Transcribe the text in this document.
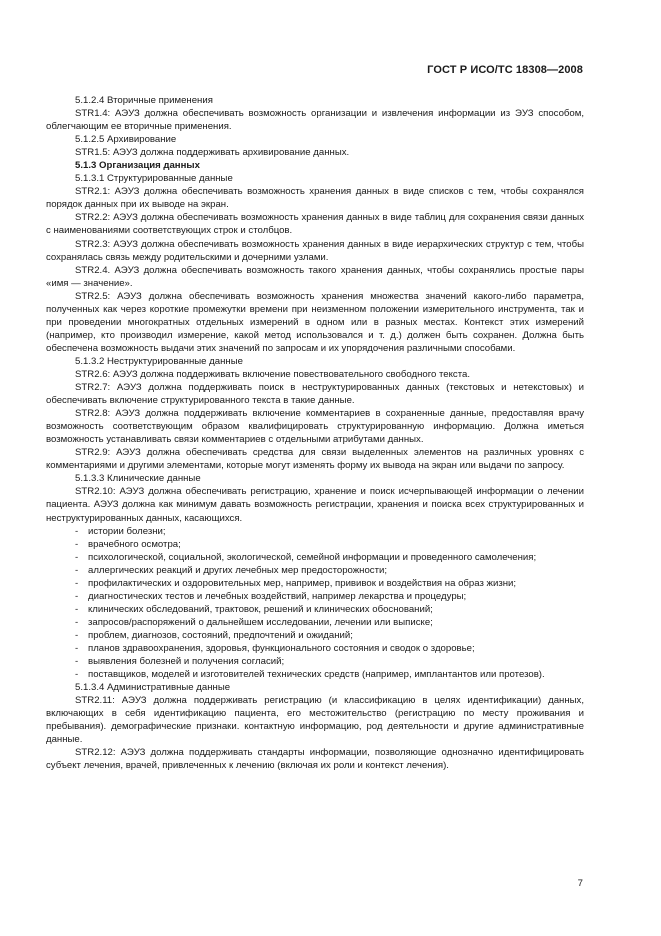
ГОСТ Р ИСО/ТС 18308—2008
5.1.2.4 Вторичные применения
STR1.4: АЭУЗ должна обеспечивать возможность организации и извлечения информации из ЭУЗ способом, облегчающим ее вторичные применения.
5.1.2.5 Архивирование
STR1.5: АЭУЗ должна поддерживать архивирование данных.
5.1.3 Организация данных
5.1.3.1 Структурированные данные
STR2.1: АЭУЗ должна обеспечивать возможность хранения данных в виде списков с тем, чтобы сохранялся порядок данных при их выводе на экран.
STR2.2: АЭУЗ должна обеспечивать возможность хранения данных в виде таблиц для сохранения связи данных с наименованиями соответствующих строк и столбцов.
STR2.3: АЭУЗ должна обеспечивать возможность хранения данных в виде иерархических структур с тем, чтобы сохранялась связь между родительскими и дочерними узлами.
STR2.4. АЭУЗ должна обеспечивать возможность такого хранения данных, чтобы сохранялись простые пары «имя — значение».
STR2.5: АЭУЗ должна обеспечивать возможность хранения множества значений какого-либо параметра, полученных как через короткие промежутки времени при неизменном положении измерительного инструмента, так и при проведении многократных отдельных измерений в одном или в разных местах. Контекст этих измерений (например, кто производил измерение, какой метод использовался и т. д.) должен быть сохранен. Должна быть обеспечена возможность выдачи этих значений по запросам и их упорядочения различными способами.
5.1.3.2 Неструктурированные данные
STR2.6: АЭУЗ должна поддерживать включение повествовательного свободного текста.
STR2.7: АЭУЗ должна поддерживать поиск в неструктурированных данных (текстовых и нетекстовых) и обеспечивать включение структурированного текста в такие данные.
STR2.8: АЭУЗ должна поддерживать включение комментариев в сохраненные данные, предоставляя врачу возможность соответствующим образом квалифицировать структурированную информацию. Должна иметься возможность устанавливать связи комментариев с отдельными атрибутами данных.
STR2.9: АЭУЗ должна обеспечивать средства для связи выделенных элементов на различных уровнях с комментариями и другими элементами, которые могут изменять форму их вывода на экран или выдачи по запросу.
5.1.3.3 Клинические данные
STR2.10: АЭУЗ должна обеспечивать регистрацию, хранение и поиск исчерпывающей информации о лечении пациента. АЭУЗ должна как минимум давать возможность регистрации, хранения и поиска всех структурированных и неструктурированных данных, касающихся.
- истории болезни;
- врачебного осмотра;
- психологической, социальной, экологической, семейной информации и проведенного самолечения;
- аллергических реакций и других лечебных мер предосторожности;
- профилактических и оздоровительных мер, например, прививок и воздействия на образ жизни;
- диагностических тестов и лечебных воздействий, например лекарства и процедуры;
- клинических обследований, трактовок, решений и клинических обоснований;
- запросов/распоряжений о дальнейшем исследовании, лечении или выписке;
- проблем, диагнозов, состояний, предпочтений и ожиданий;
- планов здравоохранения, здоровья, функционального состояния и сводок о здоровье;
- выявления болезней и получения согласий;
- поставщиков, моделей и изготовителей технических средств (например, имплантантов или протезов).
5.1.3.4 Административные данные
STR2.11: АЭУЗ должна поддерживать регистрацию (и классификацию в целях идентификации) данных, включающих в себя идентификацию пациента, его местожительство (регистрацию по месту проживания и пребывания). демографические признаки. контактную информацию, род деятельности и другие административные данные.
STR2.12: АЭУЗ должна поддерживать стандарты информации, позволяющие однозначно идентифицировать субъект лечения, врачей, привлеченных к лечению (включая их роли и контекст лечения).
7
